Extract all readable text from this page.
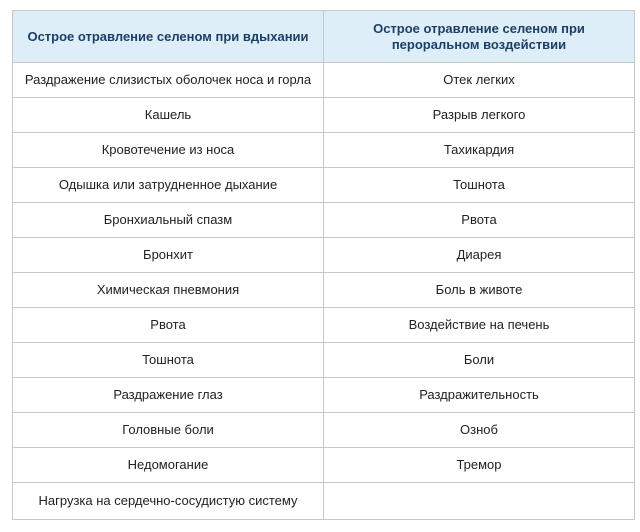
Острое отравление селеном при вдыхании	Острое отравление селеном при пероральном воздействии
Раздражение слизистых оболочек носа и горла	Отек легких
Кашель	Разрыв легкого
Кровотечение из носа	Тахикардия
Одышка или затрудненное дыхание	Тошнота
Бронхиальный спазм	Рвота
Бронхит	Диарея
Химическая пневмония	Боль в животе
Рвота	Воздействие на печень
Тошнота	Боли
Раздражение глаз	Раздражительность
Головные боли	Озноб
Недомогание	Тремор
Нагрузка на сердечно-сосудистую систему	
